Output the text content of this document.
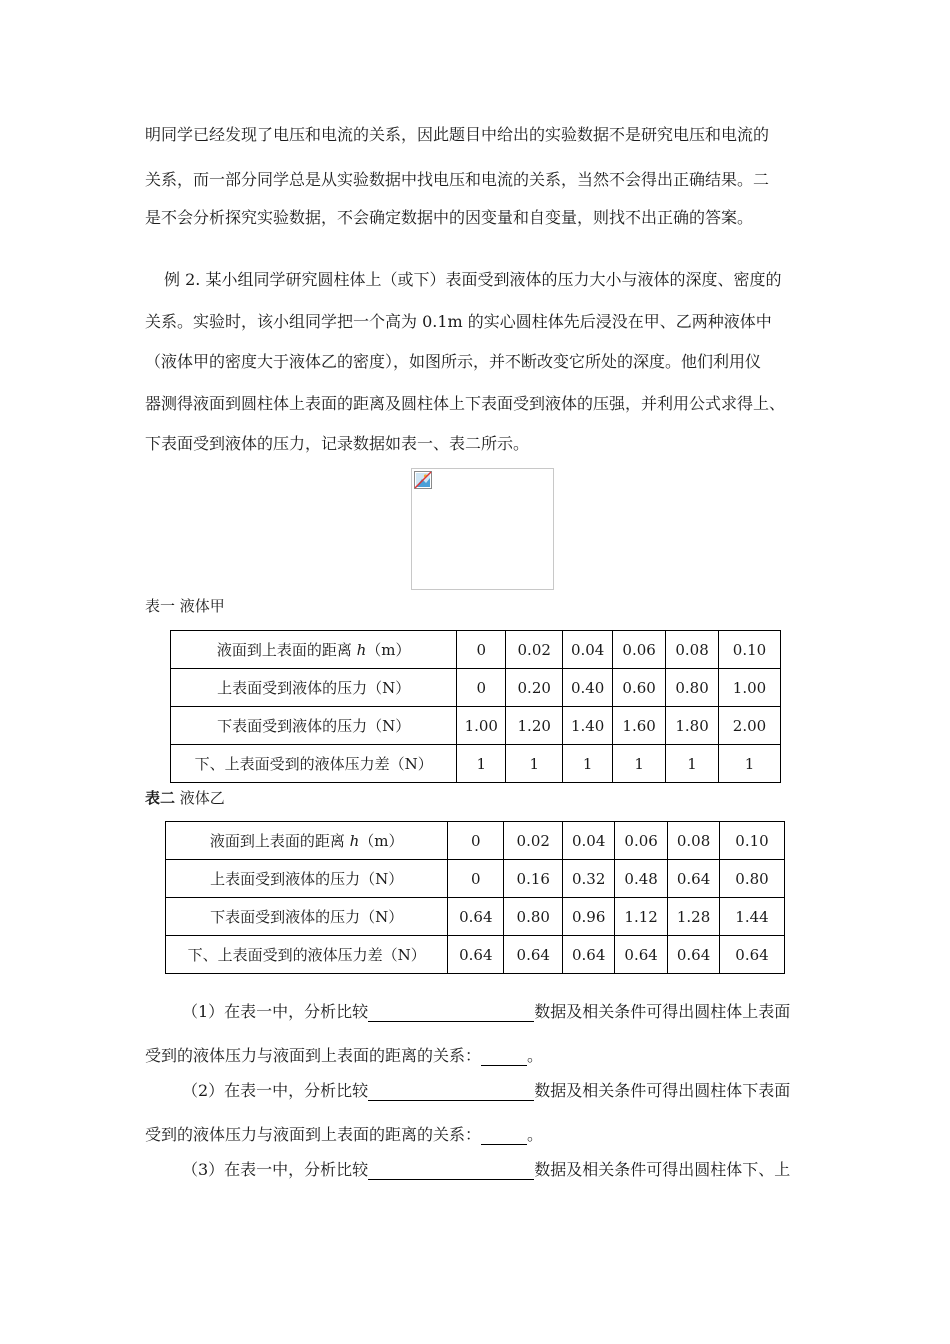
明同学已经发现了电压和电流的关系，因此题目中给出的实验数据不是研究电压和电流的
关系，而一部分同学总是从实验数据中找电压和电流的关系，当然不会得出正确结果。二
是不会分析探究实验数据，不会确定数据中的因变量和自变量，则找不出正确的答案。
例 2. 某小组同学研究圆柱体上（或下）表面受到液体的压力大小与液体的深度、密度的
关系。实验时，该小组同学把一个高为 0.1m 的实心圆柱体先后浸没在甲、乙两种液体中
（液体甲的密度大于液体乙的密度），如图所示，并不断改变它所处的深度。他们利用仪
器测得液面到圆柱体上表面的距离及圆柱体上下表面受到液体的压强，并利用公式求得上、
下表面受到液体的压力，记录数据如表一、表二所示。
表一 液体甲
液面到上表面的距离 h（m）	0	0.02	0.04	0.06	0.08	0.10
上表面受到液体的压力（N）	0	0.20	0.40	0.60	0.80	1.00
下表面受到液体的压力（N）	1.00	1.20	1.40	1.60	1.80	2.00
下、上表面受到的液体压力差（N）	1	1	1	1	1	1
表二 液体乙
液面到上表面的距离 h（m）	0	0.02	0.04	0.06	0.08	0.10
上表面受到液体的压力（N）	0	0.16	0.32	0.48	0.64	0.80
下表面受到液体的压力（N）	0.64	0.80	0.96	1.12	1.28	1.44
下、上表面受到的液体压力差（N）	0.64	0.64	0.64	0.64	0.64	0.64
（1）在表一中，分析比较	数据及相关条件可得出圆柱体上表面
受到的液体压力与液面到上表面的距离的关系：	。
（2）在表一中，分析比较	数据及相关条件可得出圆柱体下表面
受到的液体压力与液面到上表面的距离的关系：	。
（3）在表一中，分析比较	数据及相关条件可得出圆柱体下、上
